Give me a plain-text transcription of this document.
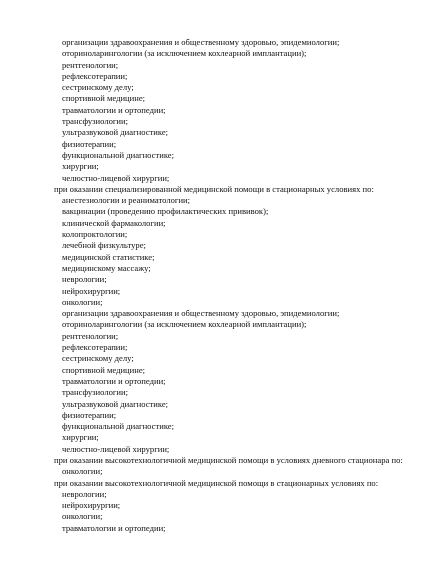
организации здравоохранения и общественному здоровью, эпидемиологии;
оториноларингологии (за исключением кохлеарной имплантации);
рентгенологии;
рефлексотерапии;
сестринскому делу;
спортивной медицине;
травматологии и ортопедии;
трансфузиологии;
ультразвуковой диагностике;
физиотерапии;
функциональной диагностике;
хирургии;
челюстно-лицевой хирургии;
при оказании специализированной медицинской помощи в стационарных условиях по:
анестезиологии и реаниматологии;
вакцинации (проведению профилактических прививок);
клинической фармакологии;
колопроктологии;
лечебной физкультуре;
медицинской статистике;
медицинскому массажу;
неврологии;
нейрохирургии;
онкологии;
организации здравоохранения и общественному здоровью, эпидемиологии;
оториноларингологии (за исключением кохлеарной имплантации);
рентгенологии;
рефлексотерапии;
сестринскому делу;
спортивной медицине;
травматологии и ортопедии;
трансфузиологии;
ультразвуковой диагностике;
физиотерапии;
функциональной диагностике;
хирургии;
челюстно-лицевой хирургии;
при оказании высокотехнологичной медицинской помощи в условиях дневного стационара по:
онкологии;
при оказании высокотехнологичной медицинской помощи в стационарных условиях по:
неврологии;
нейрохирургии;
онкологии;
травматологии и ортопедии;
